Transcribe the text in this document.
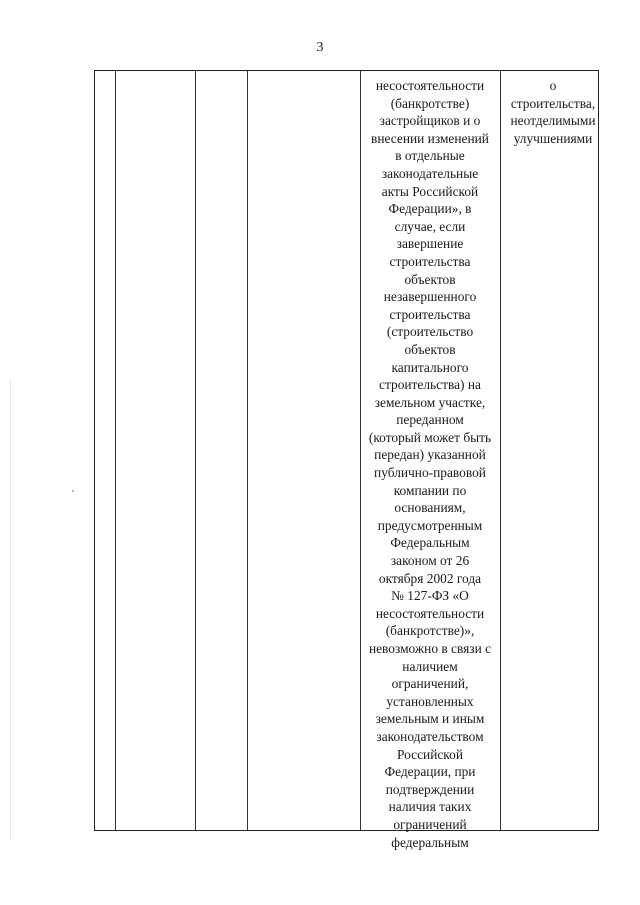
3
несостоятельности
(банкротстве)
застройщиков и о
внесении изменений
в отдельные
законодательные
акты Российской
Федерации», в
случае, если
завершение
строительства
объектов
незавершенного
строительства
(строительство
объектов
капитального
строительства) на
земельном участке,
переданном
(который может быть
передан) указанной
публично-правовой
компании по
основаниям,
предусмотренным
Федеральным
законом от 26
октября 2002 года
№ 127-ФЗ «О
несостоятельности
(банкротстве)»,
невозможно в связи с
наличием
ограничений,
установленных
земельным и иным
законодательством
Российской
Федерации, при
подтверждении
наличия таких
ограничений
федеральным
о
строительства,
неотделимыми
улучшениями
